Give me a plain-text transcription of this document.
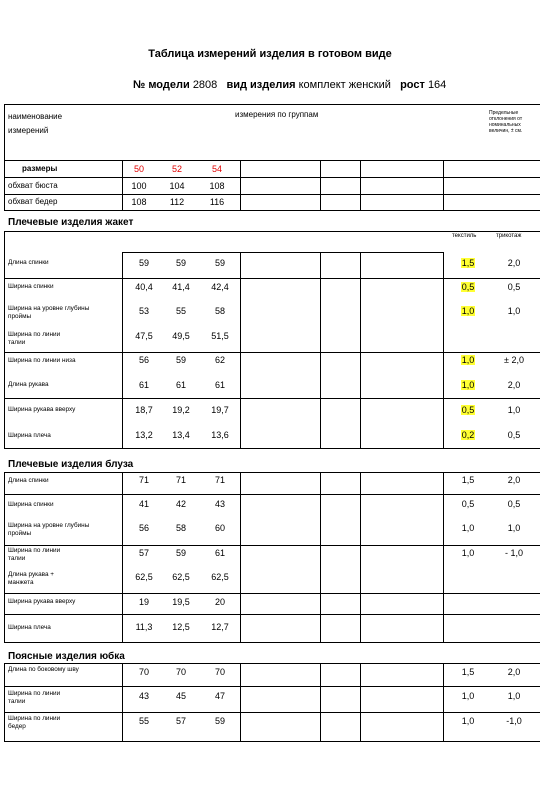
Таблица измерений изделия в готовом виде
№ модели 2808 вид изделия комплект женский рост 164
наименование измерений
измерения по группам	Предельные отклонения от номинальных величин, ± см.
размеры	50	52	54
обхват бюста	100	104	108
обхват бедер	108	112	116
Плечевые изделия жакет
текстиль	трикотаж
Длина спинки	59	59	59	1,5	2,0
Ширина спинки	40,4	41,4	42,4	0,5	0,5
Ширина на уровне глубины проймы
53	55	58	1,0	1,0
Ширина по линии талии
47,5	49,5	51,5
Ширина по линии низа	56	59	62	1,0	± 2,0
Длина рукава	61	61	61	1,0	2,0
Ширина рукава вверху	18,7	19,2	19,7	0,5	1,0
Ширина плеча	13,2	13,4	13,6	0,2	0,5
Плечевые изделия блуза
Длина спинки	71	71	71	1,5	2,0
Ширина спинки	41	42	43	0,5	0,5
Ширина на уровне глубины проймы
56	58	60	1,0	1,0
Ширина по линии талии
57	59	61	1,0	- 1,0
Длина рукава + манжета
62,5	62,5	62,5
Ширина рукава вверху	19	19,5	20
Ширина плеча	11,3	12,5	12,7
Поясные изделия юбка
Длина по боковому шву	70	70	70	1,5	2,0
Ширина по линии талии
43	45	47	1,0	1,0
Ширина по линии бедер
55	57	59	1,0	-1,0
